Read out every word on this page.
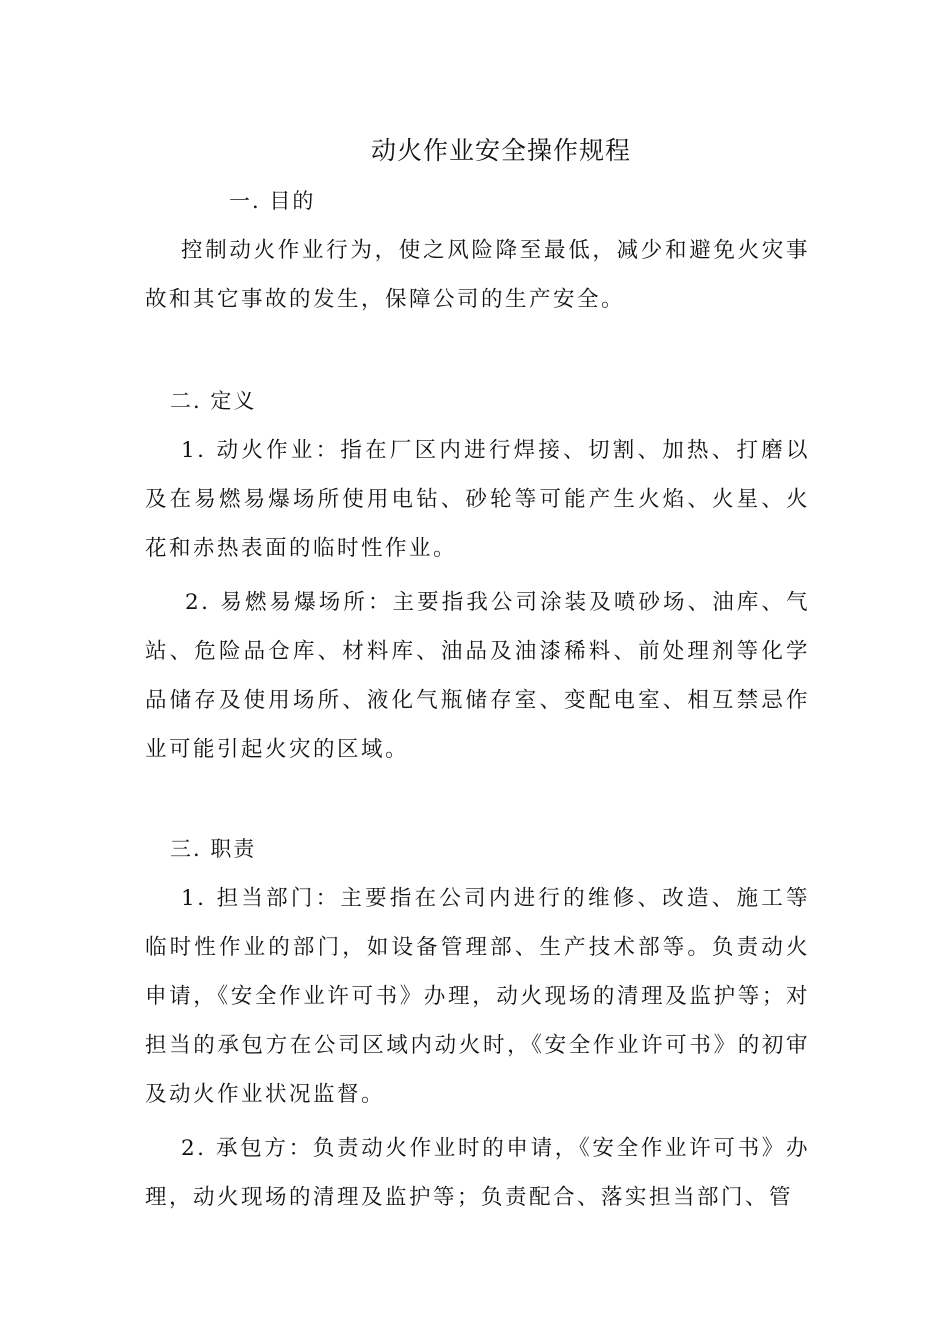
动火作业安全操作规程
一. 目的
控制动火作业行为，使之风险降至最低，减少和避免火灾事故和其它事故的发生，保障公司的生产安全。
二. 定义
1. 动火作业：指在厂区内进行焊接、切割、加热、打磨以及在易燃易爆场所使用电钻、砂轮等可能产生火焰、火星、火花和赤热表面的临时性作业。
2. 易燃易爆场所：主要指我公司涂装及喷砂场、油库、气站、危险品仓库、材料库、油品及油漆稀料、前处理剂等化学品储存及使用场所、液化气瓶储存室、变配电室、相互禁忌作业可能引起火灾的区域。
三. 职责
1. 担当部门：主要指在公司内进行的维修、改造、施工等临时性作业的部门，如设备管理部、生产技术部等。负责动火申请，《安全作业许可书》办理，动火现场的清理及监护等；对担当的承包方在公司区域内动火时，《安全作业许可书》的初审及动火作业状况监督。
2. 承包方：负责动火作业时的申请，《安全作业许可书》办理，动火现场的清理及监护等；负责配合、落实担当部门、管
